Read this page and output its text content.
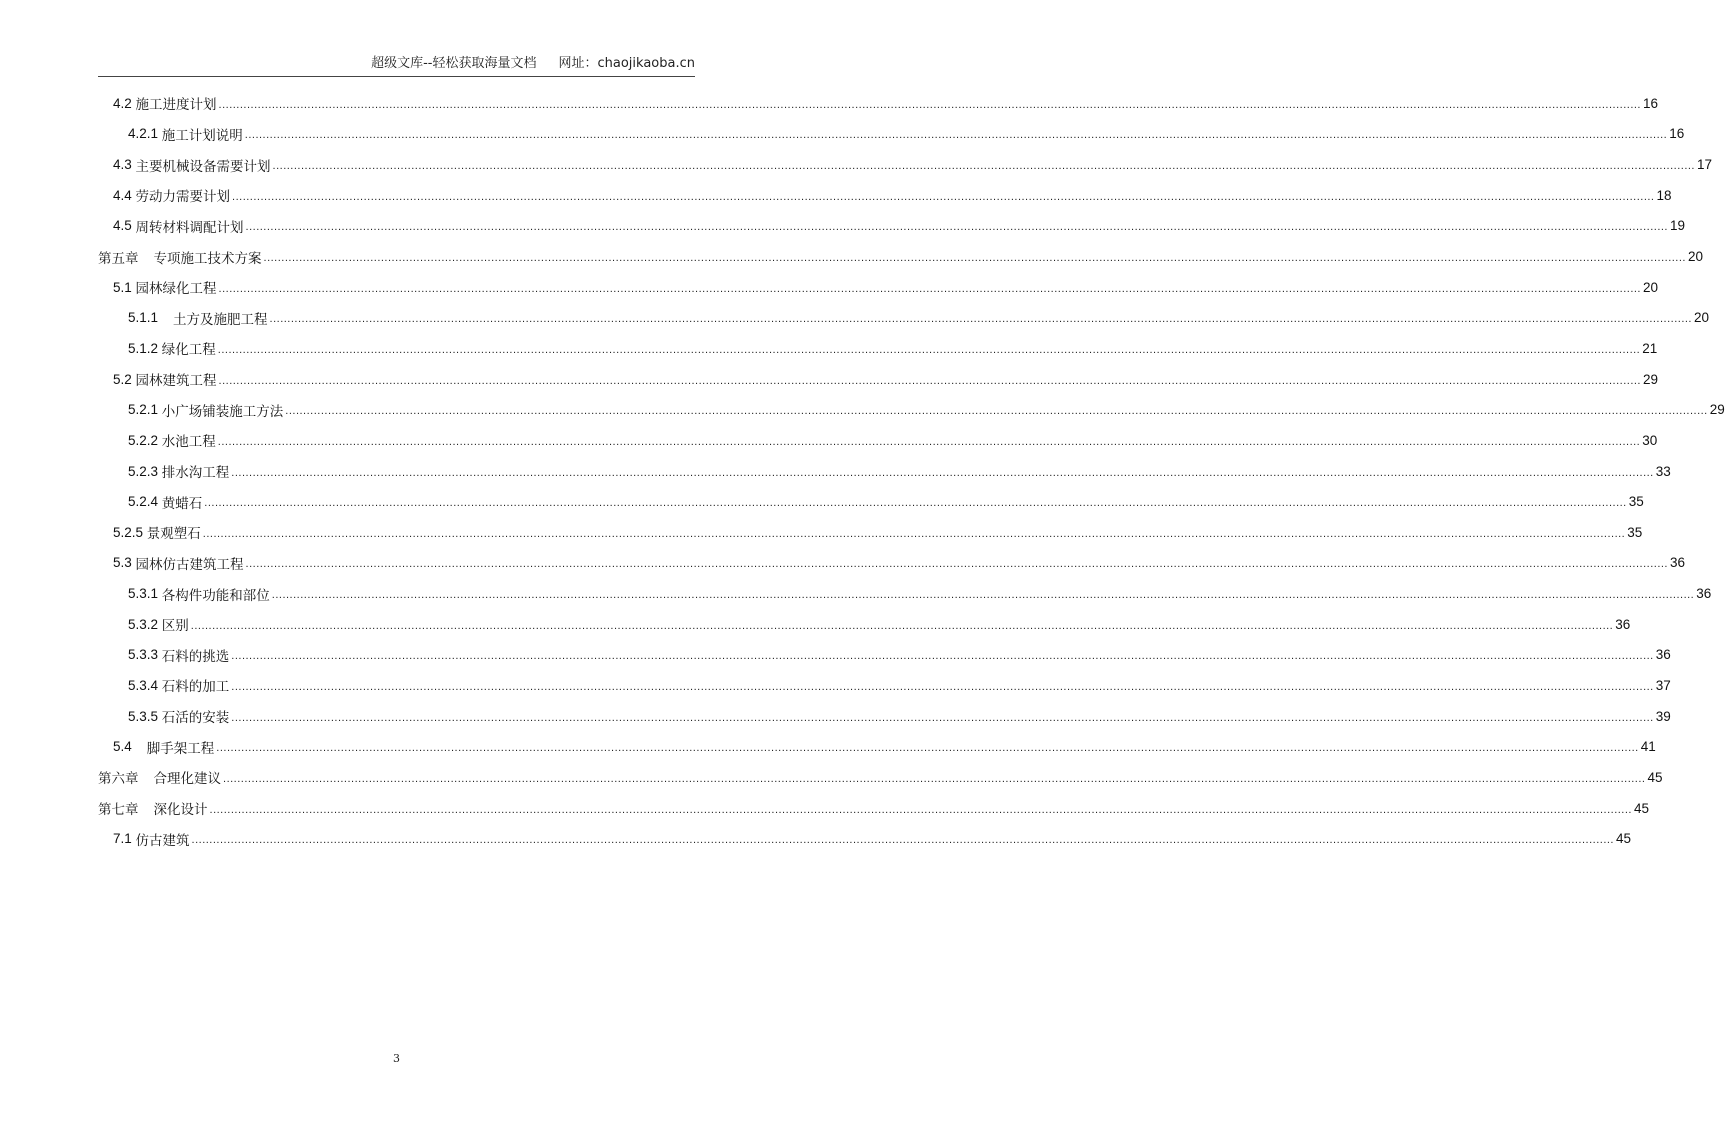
超级文库--轻松获取海量文档 网址：chaojikaoba.cn
4.2 施工进度计划 ................................................................................................................................................................................................................................................................................................................................................................................................................ 16
4.2.1 施工计划说明 ................................................................................................................................................................................................................................................................................................................................................................................................................ 16
4.3 主要机械设备需要计划 ................................................................................................................................................................................................................................................................................................................................................................................................................ 17
4.4 劳动力需要计划 ................................................................................................................................................................................................................................................................................................................................................................................................................ 18
4.5 周转材料调配计划 ................................................................................................................................................................................................................................................................................................................................................................................................................ 19
第五章 专项施工技术方案 ................................................................................................................................................................................................................................................................................................................................................................................................................ 20
5.1 园林绿化工程 ................................................................................................................................................................................................................................................................................................................................................................................................................ 20
5.1.1 土方及施肥工程 ................................................................................................................................................................................................................................................................................................................................................................................................................ 20
5.1.2 绿化工程 ................................................................................................................................................................................................................................................................................................................................................................................................................ 21
5.2 园林建筑工程 ................................................................................................................................................................................................................................................................................................................................................................................................................ 29
5.2.1 小广场铺装施工方法 ................................................................................................................................................................................................................................................................................................................................................................................................................ 29
5.2.2 水池工程 ................................................................................................................................................................................................................................................................................................................................................................................................................ 30
5.2.3 排水沟工程 ................................................................................................................................................................................................................................................................................................................................................................................................................ 33
5.2.4 黄蜡石 ................................................................................................................................................................................................................................................................................................................................................................................................................ 35
5.2.5 景观塑石 ................................................................................................................................................................................................................................................................................................................................................................................................................ 35
5.3 园林仿古建筑工程 ................................................................................................................................................................................................................................................................................................................................................................................................................ 36
5.3.1 各构件功能和部位 ................................................................................................................................................................................................................................................................................................................................................................................................................ 36
5.3.2 区别 ................................................................................................................................................................................................................................................................................................................................................................................................................ 36
5.3.3 石料的挑选 ................................................................................................................................................................................................................................................................................................................................................................................................................ 36
5.3.4 石料的加工 ................................................................................................................................................................................................................................................................................................................................................................................................................ 37
5.3.5 石活的安装 ................................................................................................................................................................................................................................................................................................................................................................................................................ 39
5.4 脚手架工程 ................................................................................................................................................................................................................................................................................................................................................................................................................ 41
第六章 合理化建议 ................................................................................................................................................................................................................................................................................................................................................................................................................ 45
第七章 深化设计 ................................................................................................................................................................................................................................................................................................................................................................................................................ 45
7.1 仿古建筑 ................................................................................................................................................................................................................................................................................................................................................................................................................ 45
3
